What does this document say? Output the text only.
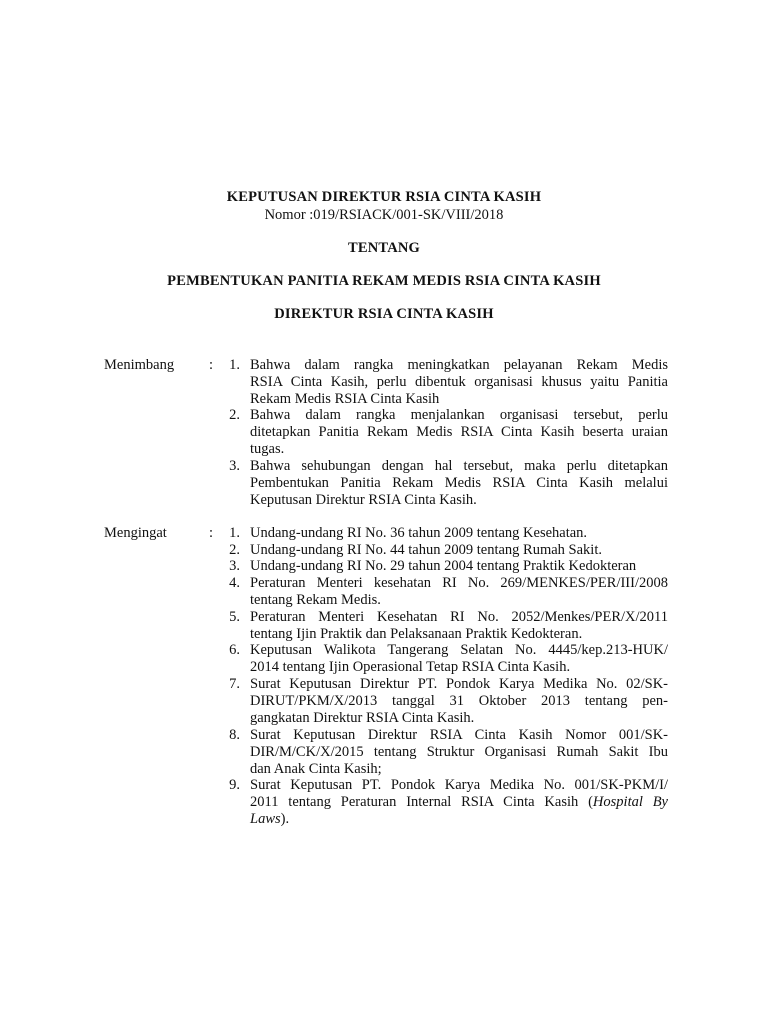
KEPUTUSAN DIREKTUR RSIA CINTA KASIH
Nomor :019/RSIACK/001-SK/VIII/2018
TENTANG
PEMBENTUKAN PANITIA REKAM MEDIS RSIA CINTA KASIH
DIREKTUR RSIA CINTA KASIH
Menimbang :	1. Bahwa dalam rangka meningkatkan pelayanan Rekam Medis
RSIA Cinta Kasih, perlu dibentuk organisasi khusus yaitu Panitia
Rekam Medis RSIA Cinta Kasih
2. Bahwa dalam rangka menjalankan organisasi tersebut, perlu
ditetapkan Panitia Rekam Medis RSIA Cinta Kasih beserta uraian
tugas.
3. Bahwa sehubungan dengan hal tersebut, maka perlu ditetapkan
Pembentukan Panitia Rekam Medis RSIA Cinta Kasih melalui
Keputusan Direktur RSIA Cinta Kasih.
Mengingat	:	1. Undang-undang RI No. 36 tahun 2009 tentang Kesehatan.
2. Undang-undang RI No. 44 tahun 2009 tentang Rumah Sakit.
3. Undang-undang RI No. 29 tahun 2004 tentang Praktik Kedokteran
4. Peraturan Menteri kesehatan RI No. 269/MENKES/PER/III/2008
tentang Rekam Medis.
5. Peraturan Menteri Kesehatan RI No. 2052/Menkes/PER/X/2011
tentang Ijin Praktik dan Pelaksanaan Praktik Kedokteran.
6. Keputusan Walikota Tangerang Selatan No. 4445/kep.213-HUK/
2014 tentang Ijin Operasional Tetap RSIA Cinta Kasih.
7. Surat Keputusan Direktur PT. Pondok Karya Medika No. 02/SK-
DIRUT/PKM/X/2013 tanggal 31 Oktober 2013 tentang pen-
gangkatan Direktur RSIA Cinta Kasih.
8. Surat Keputusan Direktur RSIA Cinta Kasih Nomor 001/SK-
DIR/M/CK/X/2015 tentang Struktur Organisasi Rumah Sakit Ibu
dan Anak Cinta Kasih;
9. Surat Keputusan PT. Pondok Karya Medika No. 001/SK-PKM/I/
2011 tentang Peraturan Internal RSIA Cinta Kasih (Hospital By
Laws).
